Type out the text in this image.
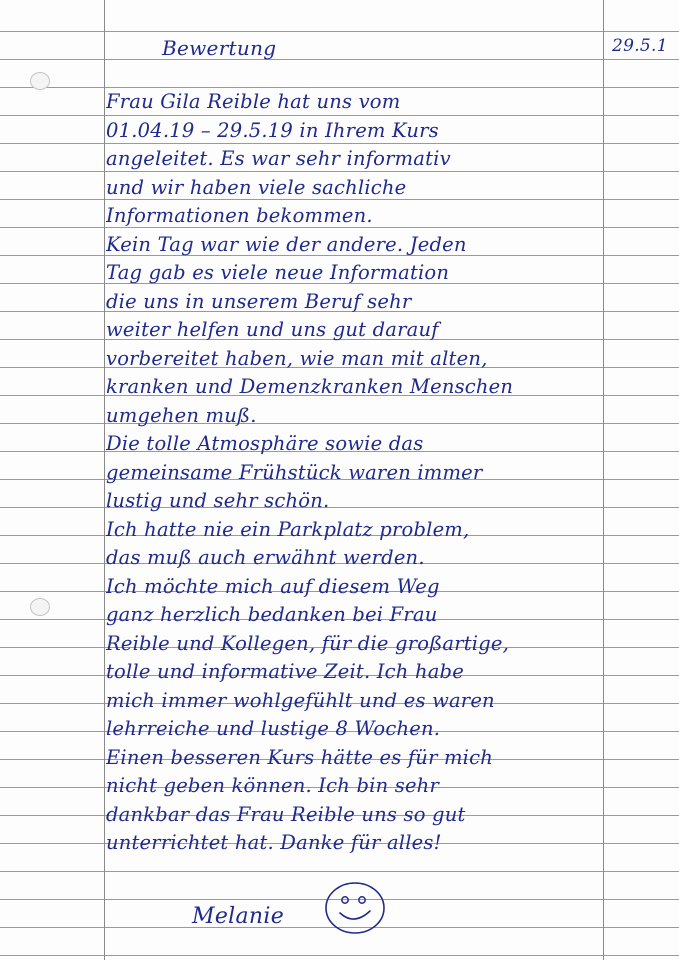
Bewertung	29.5.1
Frau Gila Reible hat uns vom
01.04.19 – 29.5.19 in Ihrem Kurs
angeleitet. Es war sehr informativ
und wir haben viele sachliche
Informationen bekommen.
Kein Tag war wie der andere. Jeden
Tag gab es viele neue Information
die uns in unserem Beruf sehr
weiter helfen und uns gut darauf
vorbereitet haben, wie man mit alten,
kranken und Demenzkranken Menschen
umgehen muß.
Die tolle Atmosphäre sowie das
gemeinsame Frühstück waren immer
lustig und sehr schön.
Ich hatte nie ein Parkplatz problem,
das muß auch erwähnt werden.
Ich möchte mich auf diesem Weg
ganz herzlich bedanken bei Frau
Reible und Kollegen, für die großartige,
tolle und informative Zeit. Ich habe
mich immer wohlgefühlt und es waren
lehrreiche und lustige 8 Wochen.
Einen besseren Kurs hätte es für mich
nicht geben können. Ich bin sehr
dankbar das Frau Reible uns so gut
unterrichtet hat. Danke für alles!
Melanie
